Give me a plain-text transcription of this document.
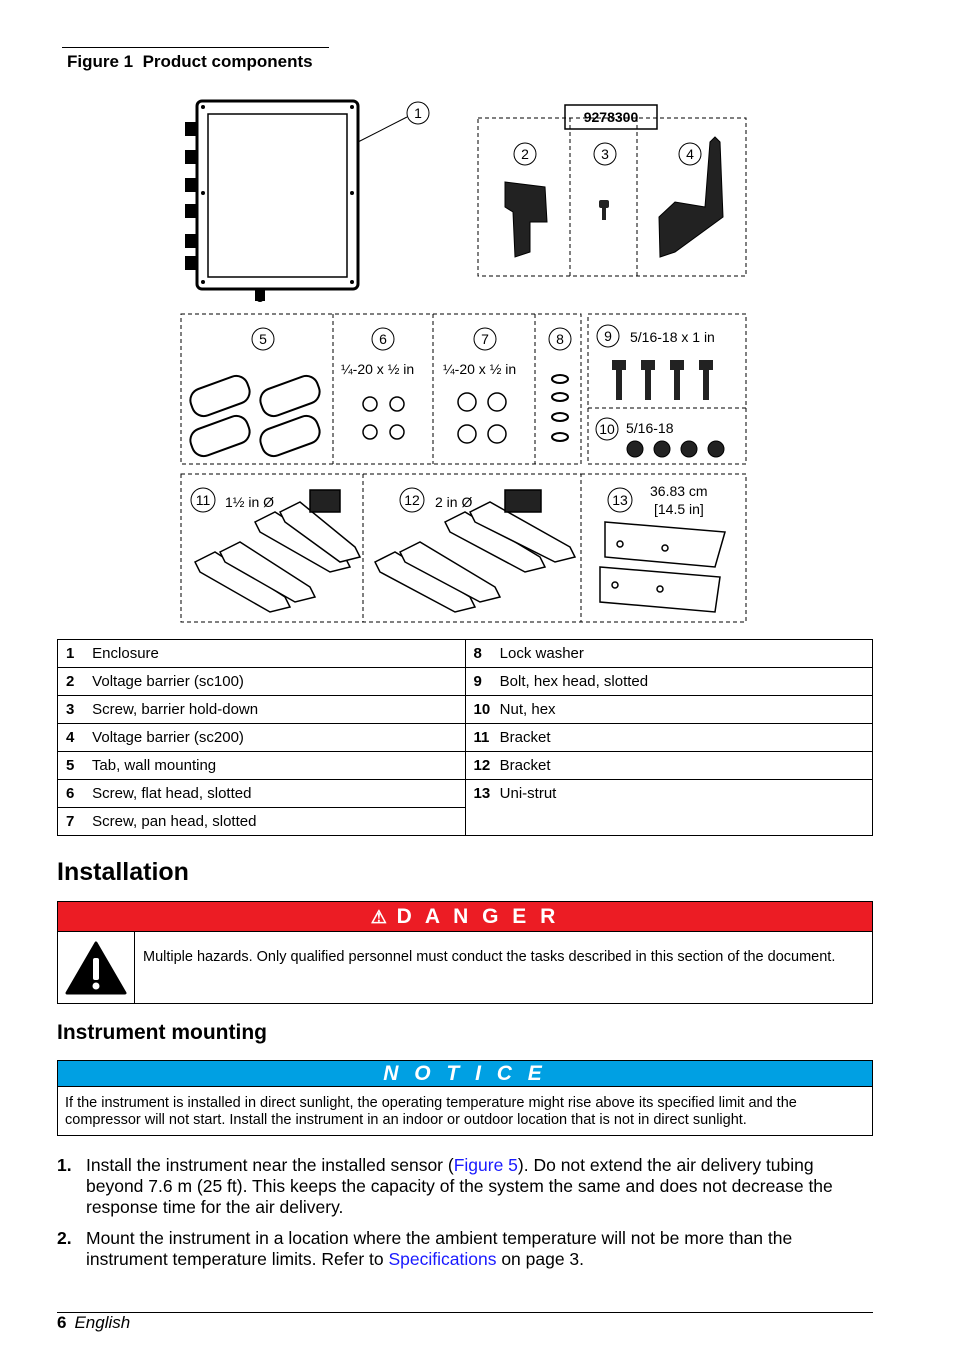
Figure 1 Product components
1
2	3	4
5	6	7	8	9
10
11	12	13
9278300
¼-20 x ½ in ¼-20 x ½ in
5/16-18 x 1 in
5/16-18
1½ in Ø	2 in Ø
36.83 cm
[14.5 in]
1 Enclosure	8 Lock washer
2 Voltage barrier (sc100)	9 Bolt, hex head, slotted
3 Screw, barrier hold-down	10 Nut, hex
4 Voltage barrier (sc200)	11 Bracket
5 Tab, wall mounting	12 Bracket
6 Screw, flat head, slotted	13 Uni-strut
7 Screw, pan head, slotted	
Installation
⚠ D A N G E R
Multiple hazards. Only qualified personnel must conduct the tasks described in this section of the document.
Instrument mounting
N O T I C E
If the instrument is installed in direct sunlight, the operating temperature might rise above its specified limit and the compressor will not start. Install the instrument in an indoor or outdoor location that is not in direct sunlight.
1. Install the instrument near the installed sensor (Figure 5). Do not extend the air delivery tubing beyond 7.6 m (25 ft). This keeps the capacity of the system the same and does not decrease the response time for the air delivery.
2. Mount the instrument in a location where the ambient temperature will not be more than the instrument temperature limits. Refer to Specifications on page 3.
6 English
